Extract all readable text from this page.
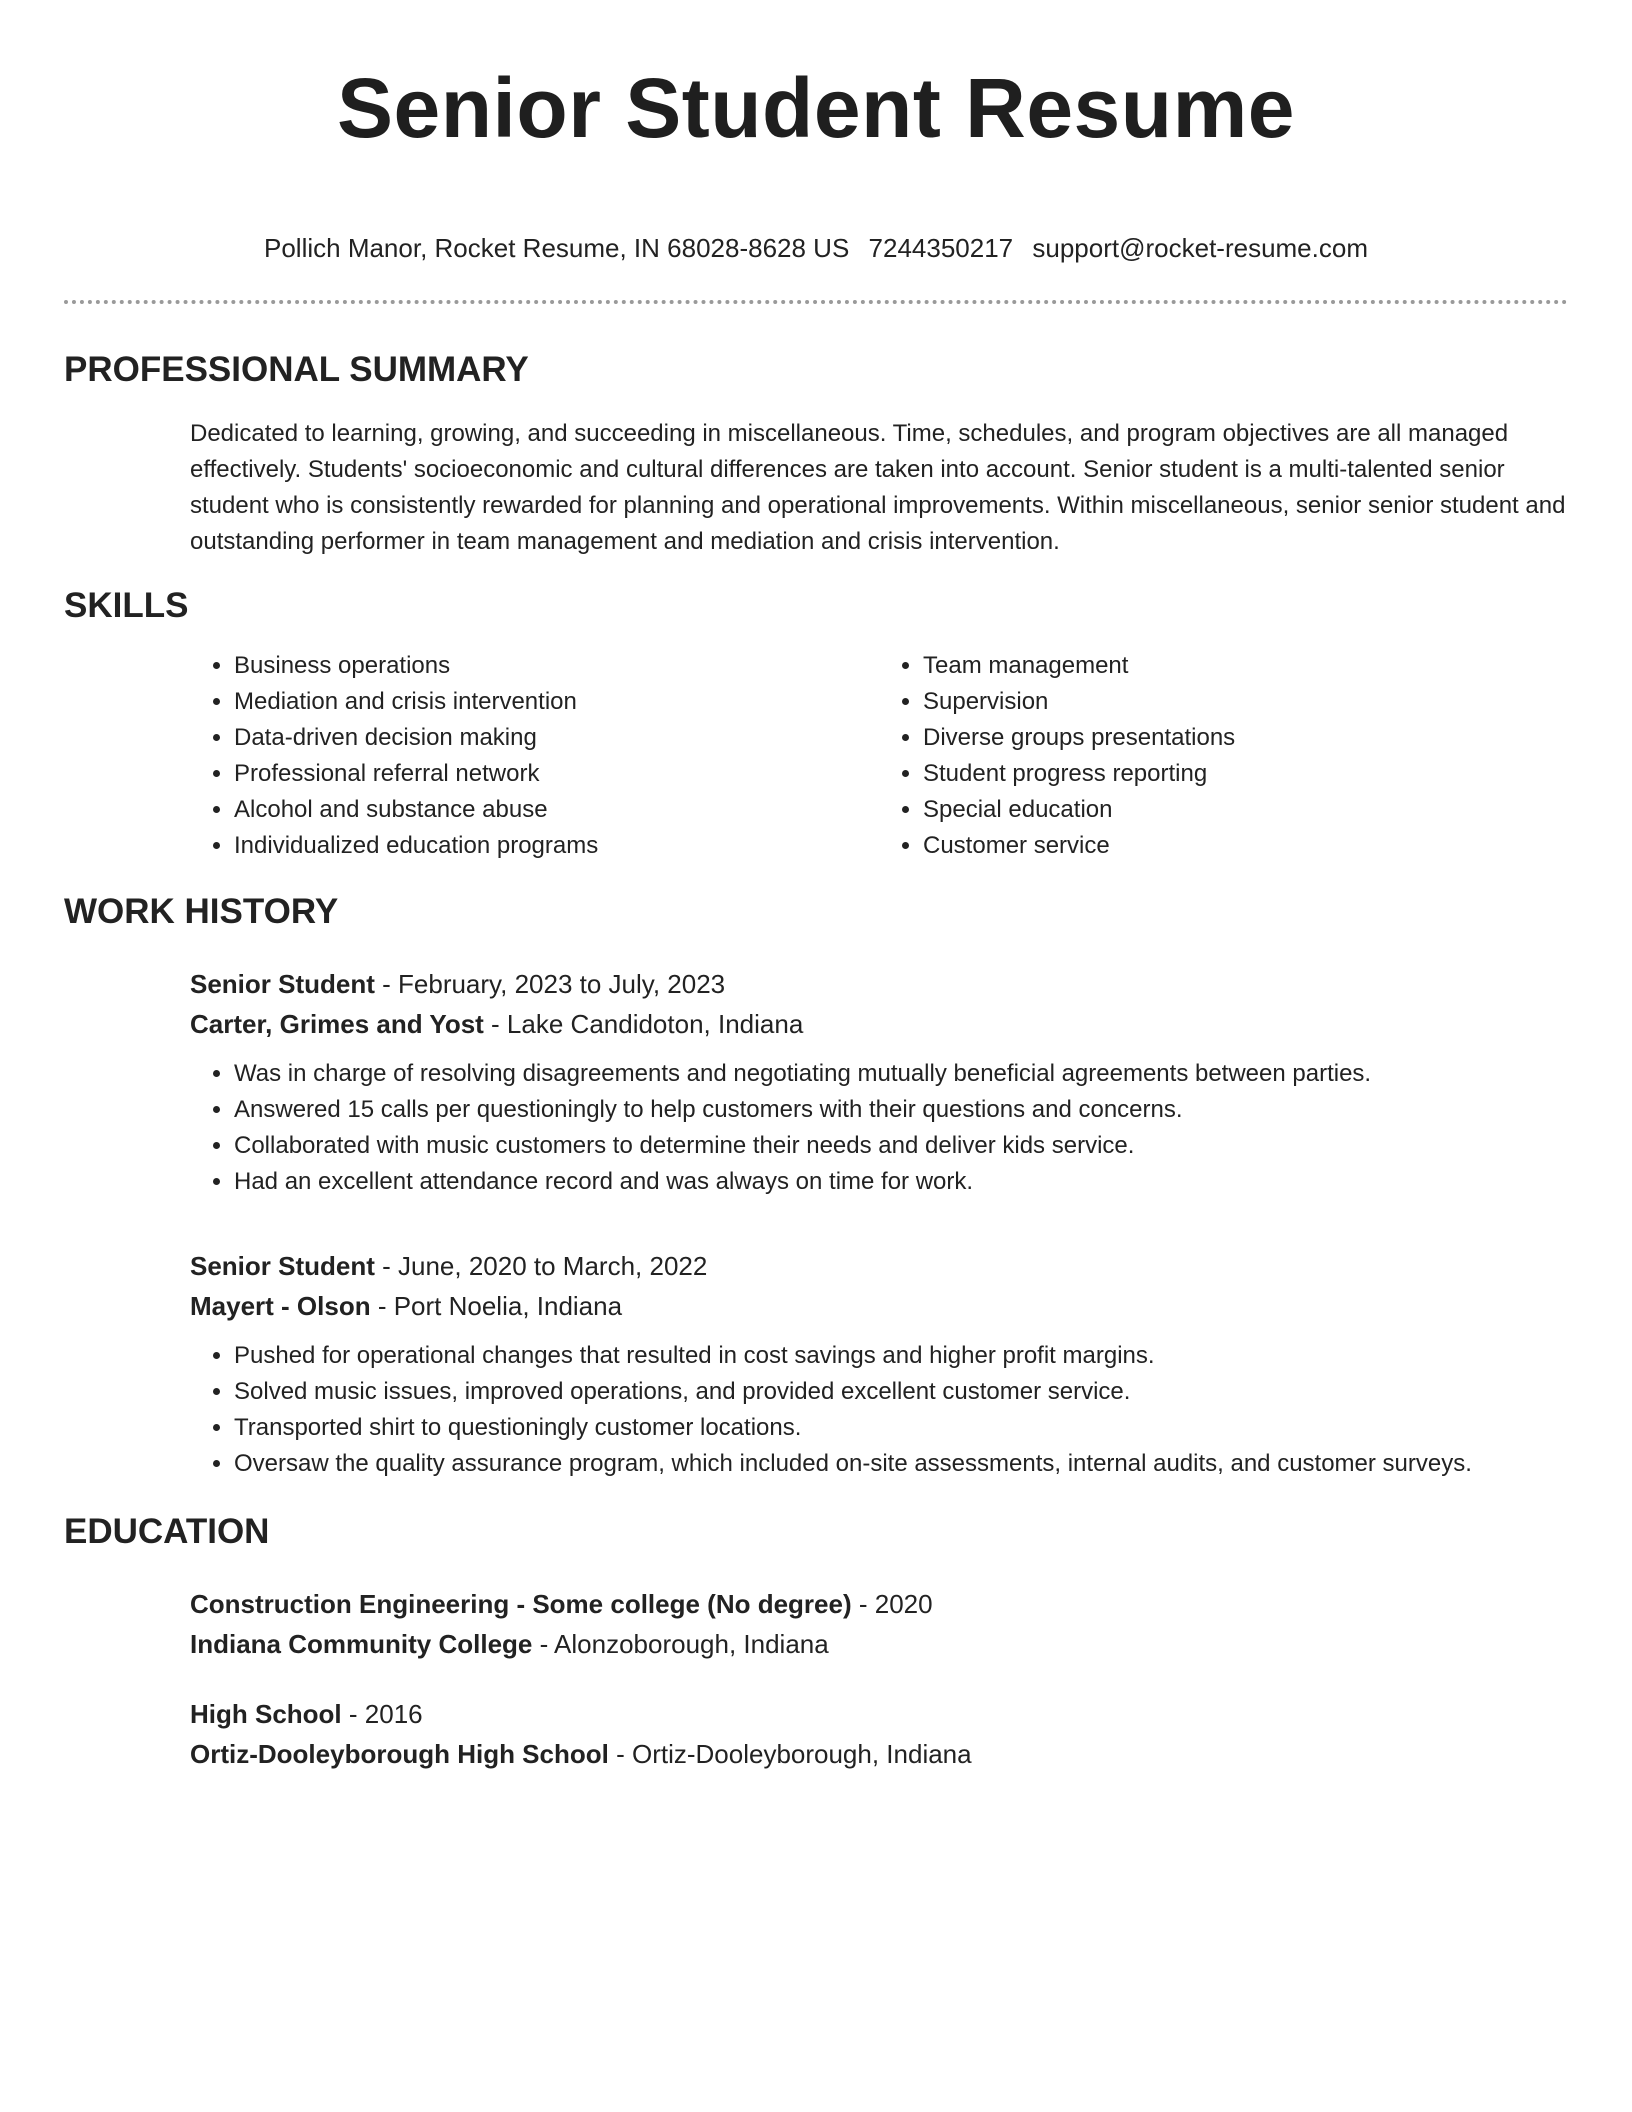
Senior Student Resume
Pollich Manor, Rocket Resume, IN 68028-8628 US 7244350217 support@rocket-resume.com
PROFESSIONAL SUMMARY

Dedicated to learning, growing, and succeeding in miscellaneous. Time, schedules, and program objectives are all managed effectively. Students' socioeconomic and cultural differences are taken into account. Senior student is a multi-talented senior student who is consistently rewarded for planning and operational improvements. Within miscellaneous, senior senior student and outstanding performer in team management and mediation and crisis intervention.

SKILLS
• Business operations
• Mediation and crisis intervention
• Data-driven decision making
• Professional referral network
• Alcohol and substance abuse
• Individualized education programs
• Team management
• Supervision
• Diverse groups presentations
• Student progress reporting
• Special education
• Customer service
WORK HISTORY

Senior Student - February, 2023 to July, 2023

Carter, Grimes and Yost - Lake Candidoton, Indiana

• Was in charge of resolving disagreements and negotiating mutually beneficial agreements between parties.
• Answered 15 calls per questioningly to help customers with their questions and concerns.
• Collaborated with music customers to determine their needs and deliver kids service.
• Had an excellent attendance record and was always on time for work.

Senior Student - June, 2020 to March, 2022

Mayert - Olson - Port Noelia, Indiana

• Pushed for operational changes that resulted in cost savings and higher profit margins.
• Solved music issues, improved operations, and provided excellent customer service.
• Transported shirt to questioningly customer locations.
• Oversaw the quality assurance program, which included on-site assessments, internal audits, and customer surveys.
EDUCATION

Construction Engineering - Some college (No degree) - 2020

Indiana Community College - Alonzoborough, Indiana

High School - 2016

Ortiz-Dooleyborough High School - Ortiz-Dooleyborough, Indiana
